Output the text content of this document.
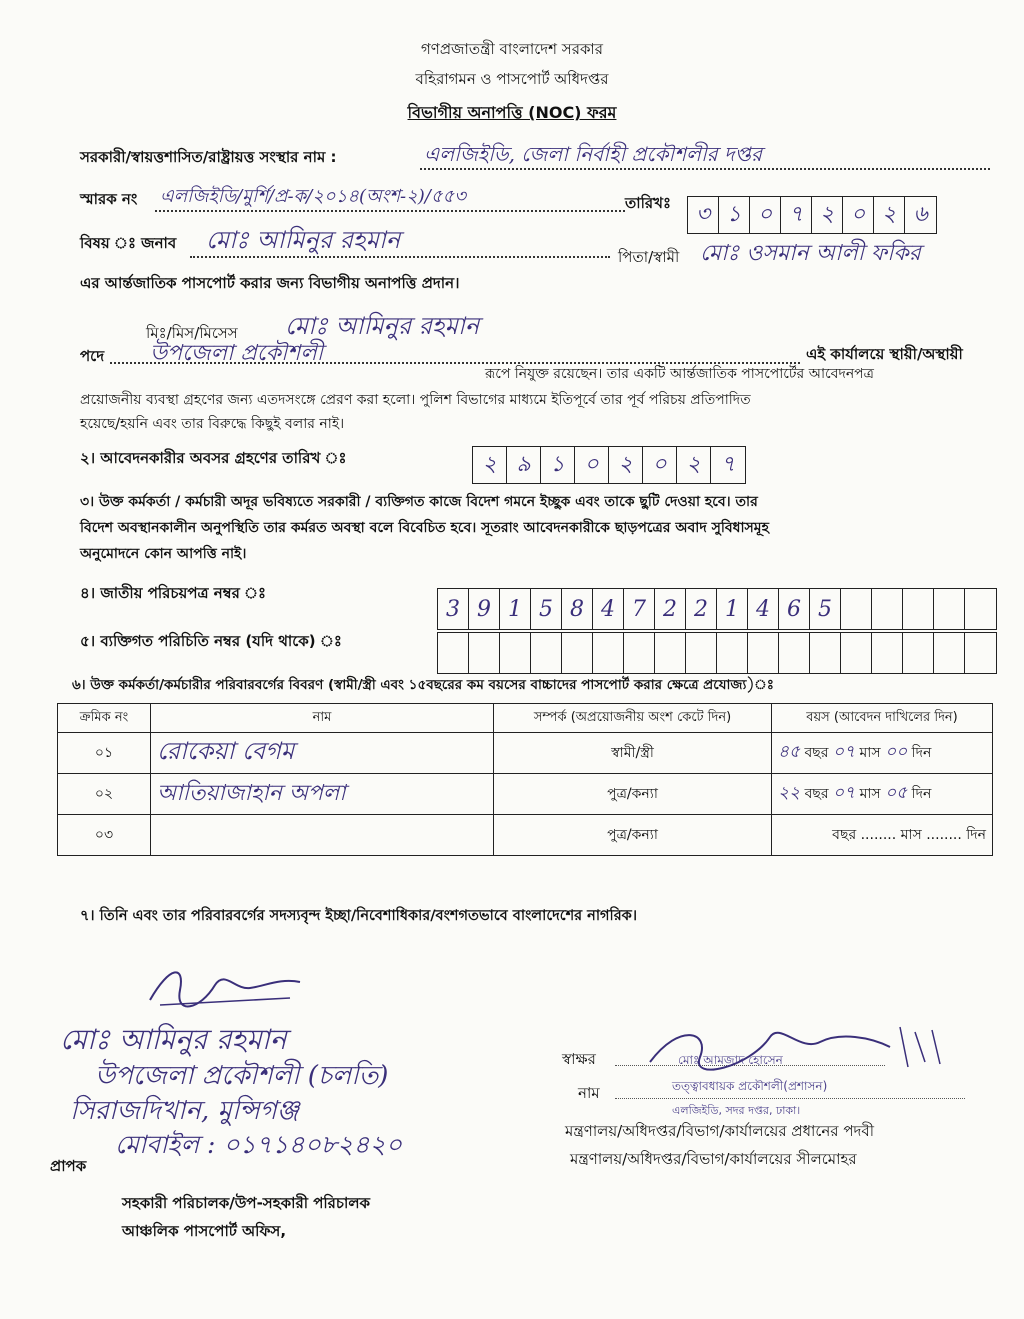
গণপ্রজাতন্ত্রী বাংলাদেশ সরকার
বহিরাগমন ও পাসপোর্ট অধিদপ্তর
বিভাগীয় অনাপত্তি (NOC) ফরম
সরকারী/স্বায়ত্তশাসিত/রাষ্ট্রায়ত্ত সংস্থার নাম :	এলজিইডি, জেলা নির্বাহী প্রকৌশলীর দপ্তর
স্মারক নং এলজিইডি/মুর্শি/প্র-ক/২০১৪(অংশ-২)/৫৫৩	তারিখঃ	৩ ১ ০ ৭ ২ ০ ২ ৬
বিষয় ঃ জনাব মোঃ আমিনুর রহমান
পিতা/স্বামী মোঃ ওসমান আলী ফকির
এর আর্ন্তজাতিক পাসপোর্ট করার জন্য বিভাগীয় অনাপত্তি প্রদান।
মিঃ/মিস/মিসেস মোঃ আমিনুর রহমান
পদে উপজেলা প্রকৌশলী	এই কার্যালয়ে স্থায়ী/অস্থায়ী
রূপে নিযুক্ত রয়েছেন। তার একটি আর্ন্তজাতিক পাসপোর্টের আবেদনপত্র
প্রয়োজনীয় ব্যবস্থা গ্রহণের জন্য এতদসংঙ্গে প্রেরণ করা হলো। পুলিশ বিভাগের মাধ্যমে ইতিপূর্বে তার পূর্ব পরিচয় প্রতিপাদিত
হয়েছে/হয়নি এবং তার বিরুদ্ধে কিছুই বলার নাই।
২। আবেদনকারীর অবসর গ্রহণের তারিখ ঃ	২ ৯ ১ ০ ২ ০ ২ ৭
৩। উক্ত কর্মকর্তা / কর্মচারী অদূর ভবিষ্যতে সরকারী / ব্যক্তিগত কাজে বিদেশ গমনে ইচ্ছুক এবং তাকে ছুটি দেওয়া হবে। তার
বিদেশ অবস্থানকালীন অনুপস্থিতি তার কর্মরত অবস্থা বলে বিবেচিত হবে। সূতরাং আবেদনকারীকে ছাড়পত্রের অবাদ সুবিধাসমূহ
অনুমোদনে কোন আপত্তি নাই।
৪। জাতীয় পরিচয়পত্র নম্বর ঃ
3 9 1 5 8 4 7 2 2 1 4 6 5
৫। ব্যক্তিগত পরিচিতি নম্বর (যদি থাকে) ঃ
৬। উক্ত কর্মকর্তা/কর্মচারীর পরিবারবর্গের বিবরণ (স্বামী/স্ত্রী এবং ১৫বছরের কম বয়সের বাচ্চাদের পাসপোর্ট করার ক্ষেত্রে প্রযোজ্য)ঃ
ক্রমিক নং	নাম	সম্পর্ক (অপ্রয়োজনীয় অংশ কেটে দিন)	বয়স (আবেদন দাখিলের দিন)
০১	রোকেয়া বেগম	স্বামী/স্ত্রী	৪৫ বছর ০৭ মাস ০০ দিন
০২	আতিয়াজাহান অপলা	পুত্র/কন্যা	২২ বছর ০৭ মাস ০৫ দিন
০৩		পুত্র/কন্যা	বছর ........ মাস ........ দিন
৭। তিনি এবং তার পরিবারবর্গের সদস্যবৃন্দ ইচ্ছা/নিবেশাধিকার/বংশগতভাবে বাংলাদেশের নাগরিক।
মোঃ আমিনুর রহমান
উপজেলা প্রকৌশলী (চলতি)
সিরাজদিখান, মুন্সিগঞ্জ
মোবাইল : ০১৭১৪০৮২৪২০
স্বাক্ষর	মোঃ আমজাদ হোসেন
নাম	তত্ত্বাবধায়ক প্রকৌশলী(প্রশাসন)
এলজিইডি, সদর দপ্তর, ঢাকা।
মন্ত্রণালয়/অধিদপ্তর/বিভাগ/কার্যালয়ের প্রধানের পদবী
মন্ত্রণালয়/অধিদপ্তর/বিভাগ/কার্যালয়ের সীলমোহর
প্রাপক
সহকারী পরিচালক/উপ-সহকারী পরিচালক
আঞ্চলিক পাসপোর্ট অফিস,
